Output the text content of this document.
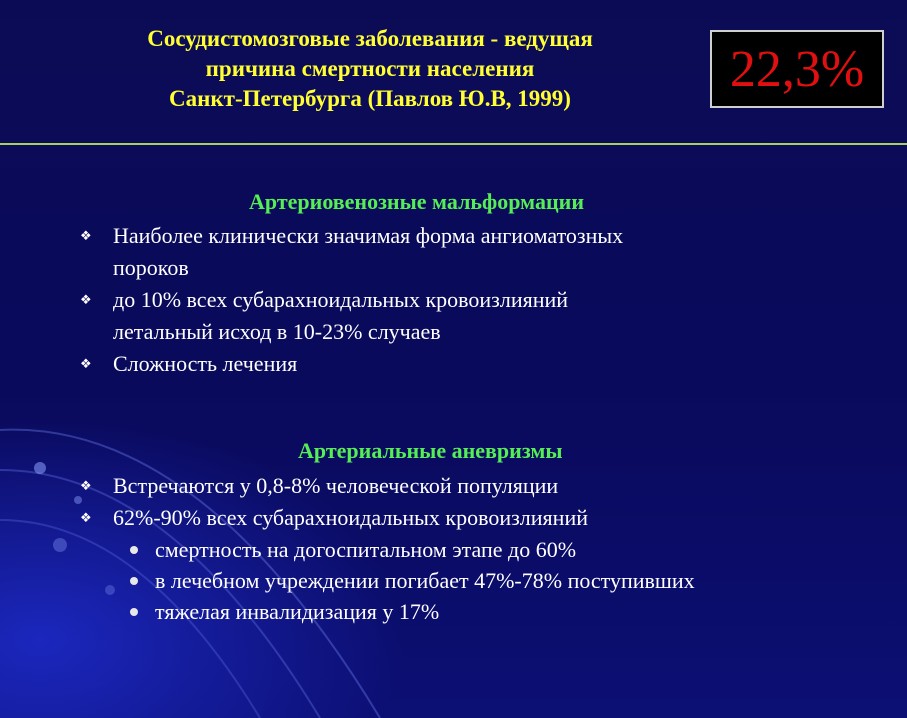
Сосудистомозговые заболевания - ведущая
причина смертности населения
Санкт-Петербурга (Павлов Ю.В, 1999)
22,3%
Артериовенозные мальформации
❖ Наиболее клинически значимая форма ангиоматозных
пороков
❖ до 10% всех субарахноидальных кровоизлияний
летальный исход в 10-23% случаев
❖ Сложность лечения
Артериальные аневризмы
❖ Встречаются у 0,8-8% человеческой популяции
❖ 62%-90% всех субарахноидальных кровоизлияний
смертность на догоспитальном этапе до 60%
в лечебном учреждении погибает 47%-78% поступивших
тяжелая инвалидизация у 17%
